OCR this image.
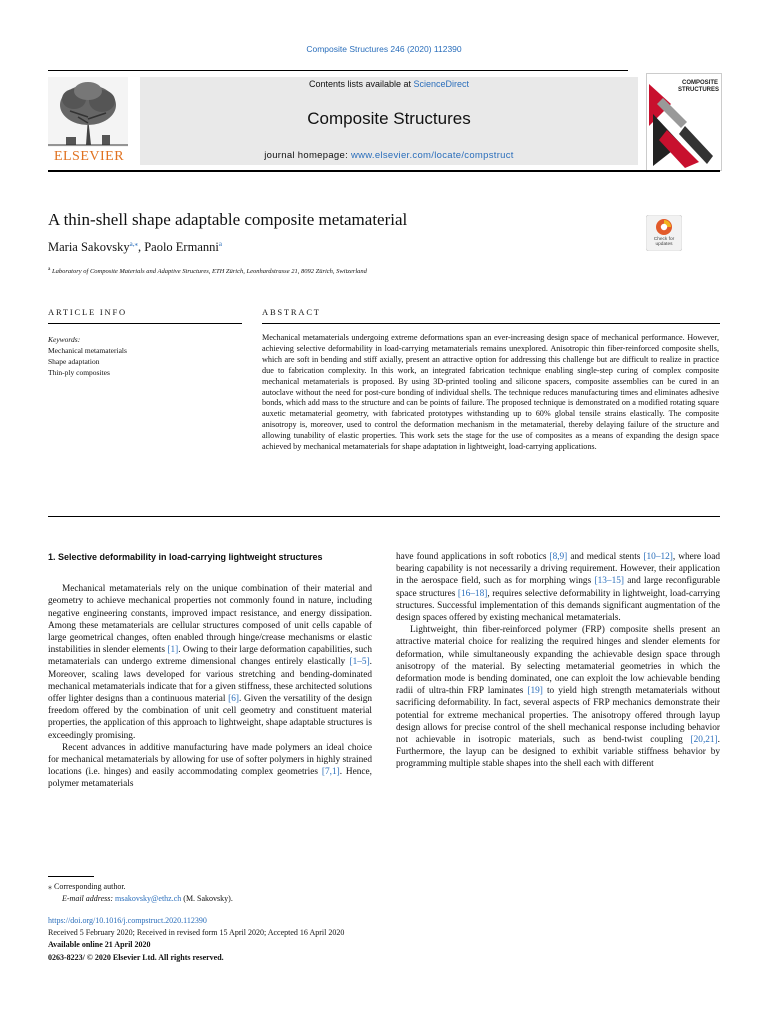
Composite Structures 246 (2020) 112390
ELSEVIER
Contents lists available at ScienceDirect
Composite Structures
journal homepage: www.elsevier.com/locate/compstruct
COMPOSITE STRUCTURES
A thin-shell shape adaptable composite metamaterial
Maria Sakovsky$^{a,⁎}$, Paolo Ermanni$^a$
$^a$ Laboratory of Composite Materials and Adaptive Structures, ETH Zürich, Leonhardstrasse 21, 8092 Zürich, Switzerland
Check for updates
ARTICLE INFO	ABSTRACT
Keywords:
Mechanical metamaterials
Shape adaptation
Thin-ply composites
Mechanical metamaterials undergoing extreme deformations span an ever-increasing design space of mechanical performance. However, achieving selective deformability in load-carrying metamaterials remains unexplored. Anisotropic thin fiber-reinforced composite shells, which are soft in bending and stiff axially, present an attractive option for addressing this challenge but are difficult to realize in practice due to fabrication complexity. In this work, an integrated fabrication technique enabling single-step curing of complex composite mechanical metamaterials is proposed. By using 3D-printed tooling and silicone spacers, composite assemblies can be cured in an autoclave without the need for post-cure bonding of individual shells. The technique reduces manufacturing times and eliminates adhesive bonds, which add mass to the structure and can be points of failure. The proposed technique is demonstrated on a modified rotating square auxetic metamaterial geometry, with fabricated prototypes withstanding up to 60% global tensile strains elastically. The composite anisotropy is, moreover, used to control the deformation mechanism in the metamaterial, thereby delaying failure of the structure and allowing tunability of elastic properties. This work sets the stage for the use of composites as a means of expanding the design space achieved by mechanical metamaterials for shape adaptation in lightweight, load-carrying applications.
1. Selective deformability in load-carrying lightweight structures

Mechanical metamaterials rely on the unique combination of their material and geometry to achieve mechanical properties not commonly found in nature, including negative engineering constants, improved impact resistance, and energy dissipation. Among these metamaterials are cellular structures composed of unit cells capable of large geometrical changes, often enabled through hinge/crease mechanisms or elastic instabilities in slender elements [1]. Owing to their large deformation capabilities, such metamaterials can undergo extreme dimensional changes entirely elastically [1–5]. Moreover, scaling laws developed for various stretching and bending-dominated mechanical metamaterials indicate that for a given stiffness, these architected solutions offer lighter designs than a continuous material [6]. Given the versatility of the design freedom offered by the combination of unit cell geometry and constituent material properties, the application of this approach to lightweight, shape adaptable structures is exceedingly promising.

Recent advances in additive manufacturing have made polymers an ideal choice for mechanical metamaterials by allowing for use of softer polymers in highly strained locations (i.e. hinges) and easily accommodating complex geometries [7,1]. Hence, polymer metamaterials

have found applications in soft robotics [8,9] and medical stents [10–12], where load bearing capability is not necessarily a driving requirement. However, their application in the aerospace field, such as for morphing wings [13–15] and large reconfigurable space structures [16–18], requires selective deformability in lightweight, load-carrying structures. Successful implementation of this demands significant augmentation of the design spaces offered by existing mechanical metamaterials.

Lightweight, thin fiber-reinforced polymer (FRP) composite shells present an attractive material choice for realizing the required hinges and slender elements for deformation, while simultaneously expanding the achievable design space through anisotropy of the material. By selecting metamaterial geometries in which the deformation mode is bending dominated, one can exploit the low achievable bending radii of ultra-thin FRP laminates [19] to yield high strength metamaterials without sacrificing deformability. In fact, several aspects of FRP mechanics demonstrate their potential for extreme mechanical properties. The anisotropy offered through layup design allows for precise control of the shell mechanical response including behavior not achievable in isotropic materials, such as bend-twist coupling [20,21]. Furthermore, the layup can be designed to exhibit variable stiffness behavior by programming multiple stable shapes into the shell each with different

⁎ Corresponding author.
E-mail address: msakovsky@ethz.ch (M. Sakovsky).
https://doi.org/10.1016/j.compstruct.2020.112390
Received 5 February 2020; Received in revised form 15 April 2020; Accepted 16 April 2020
Available online 21 April 2020
0263-8223/ © 2020 Elsevier Ltd. All rights reserved.
